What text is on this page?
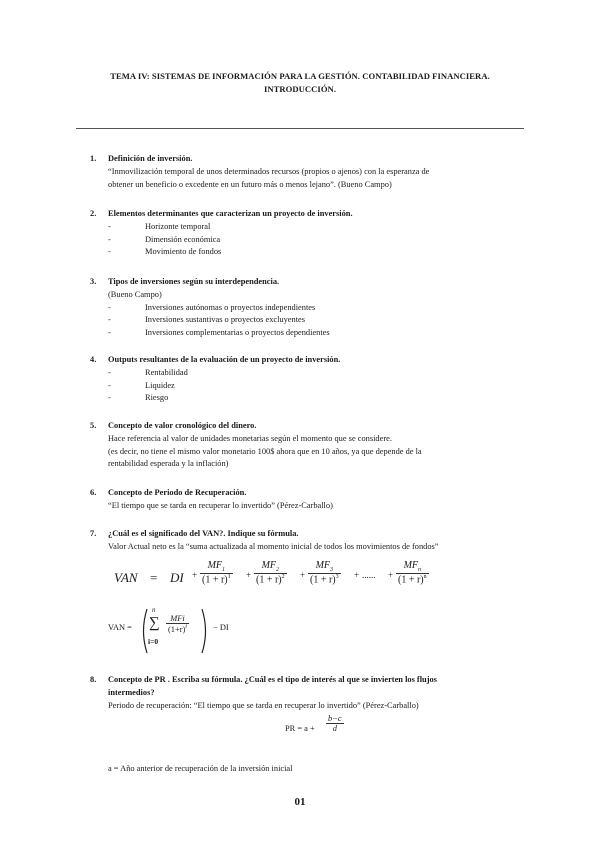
TEMA IV: SISTEMAS DE INFORMACIÓN PARA LA GESTIÓN. CONTABILIDAD FINANCIERA.
INTRODUCCIÓN.
1. Definición de inversión.
“Inmovilización temporal de unos determinados recursos (propios o ajenos) con la esperanza de
obtener un beneficio o excedente en un futuro más o menos lejano”. (Bueno Campo)
2. Elementos determinantes que caracterizan un proyecto de inversión.
-	Horizonte temporal
-	Dimensión económica
-	Movimiento de fondos
3. Tipos de inversiones según su interdependencia.
(Bueno Campo)
-	Inversiones autónomas o proyectos independientes
-	Inversiones sustantivas o proyectos excluyentes
-	Inversiones complementarias o proyectos dependientes
4. Outputs resultantes de la evaluación de un proyecto de inversión.
-	Rentabilidad
-	Liquidez
-	Riesgo
5. Concepto de valor cronológico del dinero.
Hace referencia al valor de unidades monetarias según el momento que se considere.
(es decir, no tiene el mismo valor monetario 100$ ahora que en 10 años, ya que depende de la
rentabilidad esperada y la inflación)
6. Concepto de Periodo de Recuperación.
“El tiempo que se tarda en recuperar lo invertido” (Pérez-Carballo)
7. ¿Cuál es el significado del VAN?. Indique su fórmula.
Valor Actual neto es la “suma actualizada al momento inicial de todos los movimientos de fondos”
VAN = DI + $\frac{MF_1}{(1 + r)^1} + \frac{MF_2}{(1 + r)^2} + \frac{MF_3}{(1 + r)^3}$ + ...... +
$MF_n$
$(1 + r)^n$
VAN =
n
∑
i=0
MFi
$(1+r)^i$	− DI
8. Concepto de PR . Escriba su fórmula. ¿Cuál es el tipo de interés al que se invierten los flujos
intermedios?
Periodo de recuperación: “El tiempo que se tarda en recuperar lo invertido” (Pérez-Carballo)
PR = $a + \frac{b-c}{d}$
a = Año anterior de recuperación de la inversión inicial
01
